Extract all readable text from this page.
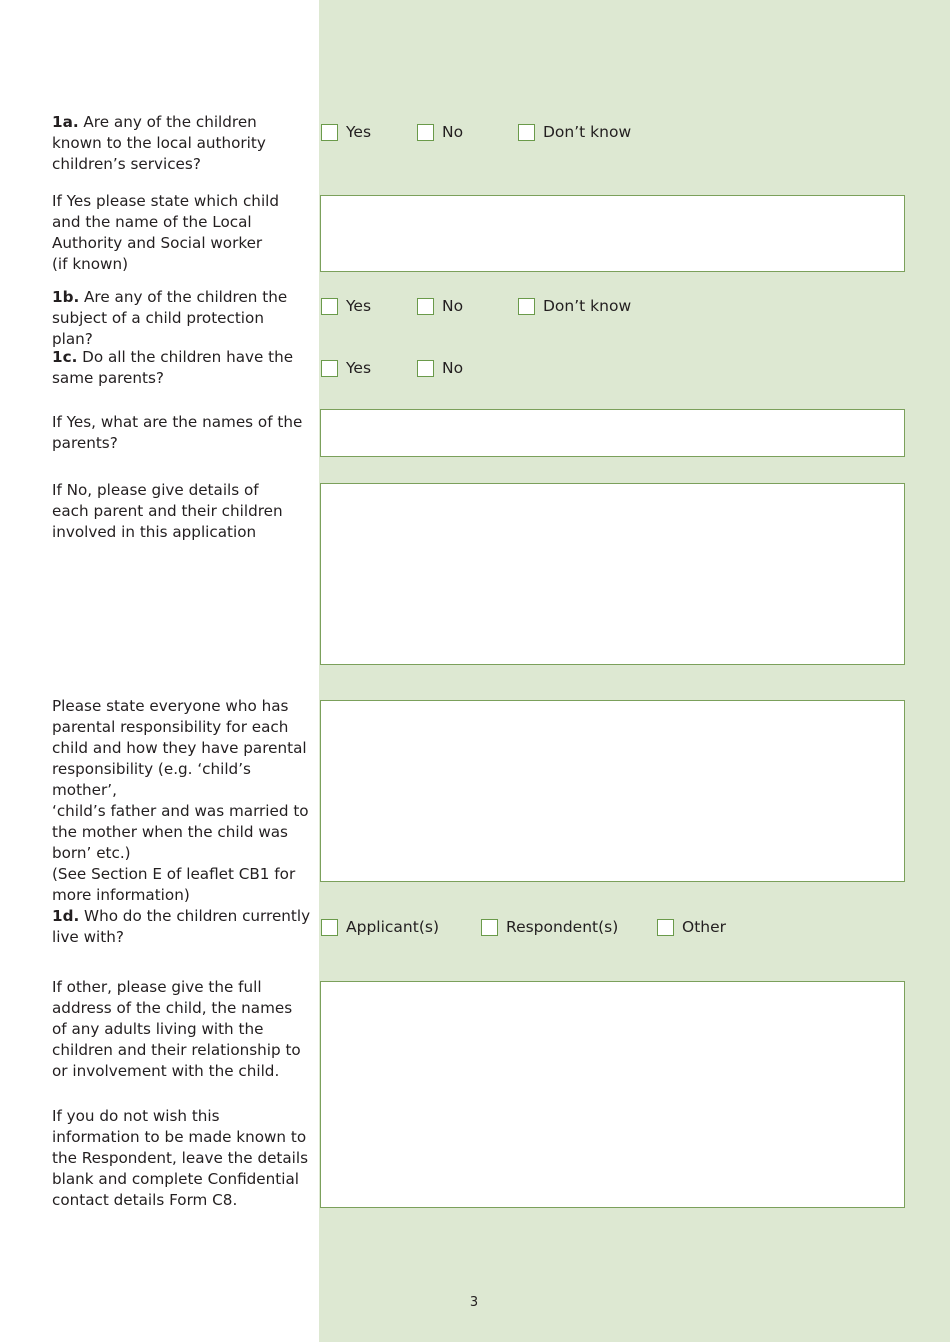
1a. Are any of the children
known to the local authority
children’s services?
Yes	No	Don’t know
If Yes please state which child
and the name of the Local
Authority and Social worker
(if known)
1b. Are any of the children the
subject of a child protection plan?
Yes	No	Don’t know
1c. Do all the children have the
same parents?
Yes	No
If Yes, what are the names of the
parents?
If No, please give details of
each parent and their children
involved in this application
Please state everyone who has
parental responsibility for each
child and how they have parental
responsibility (e.g. ‘child’s mother’,
‘child’s father and was married to
the mother when the child was
born’ etc.)
(See Section E of leaflet CB1 for
more information)
1d. Who do the children currently
live with?
Applicant(s)	Respondent(s)	Other
If other, please give the full
address of the child, the names
of any adults living with the
children and their relationship to
or involvement with the child.
If you do not wish this
information to be made known to
the Respondent, leave the details
blank and complete Confidential
contact details Form C8.
3
